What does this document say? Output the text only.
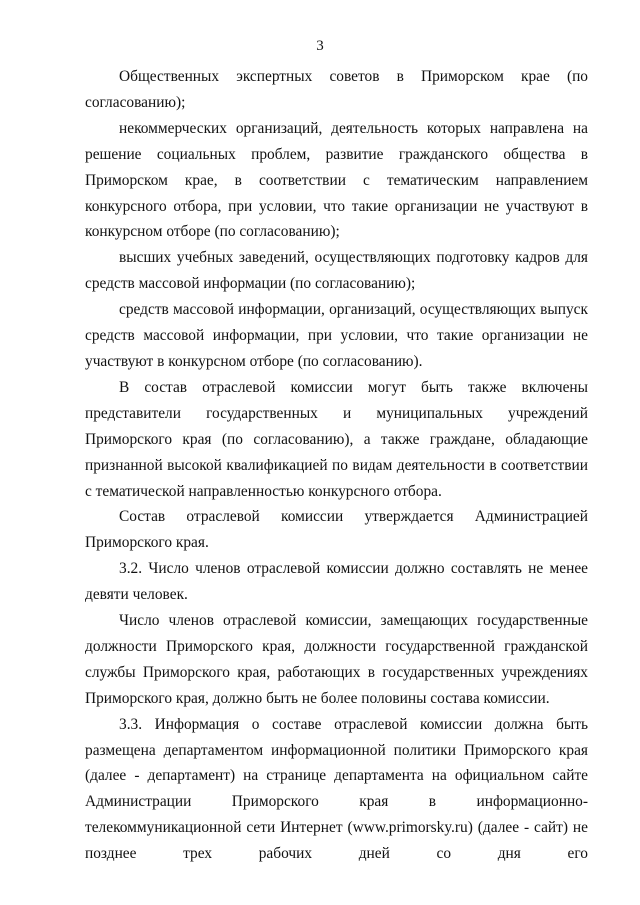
3

Общественных экспертных советов в Приморском крае (по согласованию);

некоммерческих организаций, деятельность которых направлена на решение социальных проблем, развитие гражданского общества в Приморском крае, в соответствии с тематическим направлением конкурсного отбора, при условии, что такие организации не участвуют в конкурсном отборе (по согласованию);

высших учебных заведений, осуществляющих подготовку кадров для средств массовой информации (по согласованию);

средств массовой информации, организаций, осуществляющих выпуск средств массовой информации, при условии, что такие организации не участвуют в конкурсном отборе (по согласованию).

В состав отраслевой комиссии могут быть также включены представители государственных и муниципальных учреждений Приморского края (по согласованию), а также граждане, обладающие признанной высокой квалификацией по видам деятельности в соответствии с тематической направленностью конкурсного отбора.

Состав отраслевой комиссии утверждается Администрацией Приморского края.

3.2. Число членов отраслевой комиссии должно составлять не менее девяти человек.

Число членов отраслевой комиссии, замещающих государственные должности Приморского края, должности государственной гражданской службы Приморского края, работающих в государственных учреждениях Приморского края, должно быть не более половины состава комиссии.

3.3. Информация о составе отраслевой комиссии должна быть размещена департаментом информационной политики Приморского края (далее - департамент) на странице департамента на официальном сайте Администрации Приморского края в информационно-телекоммуникационной сети Интернет (www.primorsky.ru) (далее - сайт) не позднее трех рабочих дней со дня его
